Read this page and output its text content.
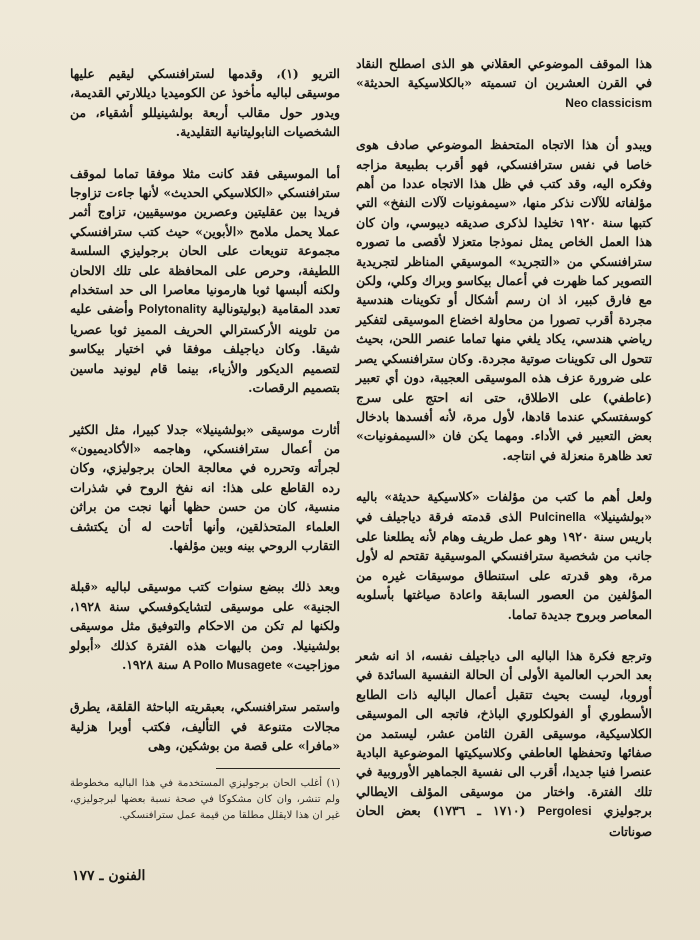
هذا الموقف الموضوعي العقلاني هو الذى اصطلح النقاد في القرن العشرين ان تسميته «بالكلاسيكية الحديثة» Neo classicism

ويبدو أن هذا الاتجاه المتحفظ الموضوعي صادف هوى خاصا في نفس سترافنسكي، فهو أقرب بطبيعة مزاجه وفكره اليه، وقد كتب في ظل هذا الاتجاه عددا من أهم مؤلفاته للآلات نذكر منها، «سيمفونيات لآلات النفخ» التي كتبها سنة ١٩٢٠ تخليدا لذكرى صديقه ديبوسي، وان كان هذا العمل الخاص يمثل نموذجا متعزلا لأقصى ما تصوره سترافنسكي من «التجريد» الموسيقي المناظر لتجريدية التصوير كما ظهرت في أعمال بيكاسو وبراك وكلي، ولكن مع فارق كبير، اذ ان رسم أشكال أو تكوينات هندسية مجردة أقرب تصورا من محاولة اخضاع الموسيقى لتفكير رياضي هندسي، يكاد يلغي منها تماما عنصر اللحن، بحيث تتحول الى تكوينات صوتية مجردة. وكان سترافنسكي يصر على ضرورة عزف هذه الموسيقى العجيبة، دون أي تعبير (عاطفي) على الاطلاق، حتى انه احتج على سرج كوسفتسكي عندما قادها، لأول مرة، لأنه أفسدها بادخال بعض التعبير في الأداء. ومهما يكن فان «السيمفونيات» تعد ظاهرة منعزلة في انتاجه.

ولعل أهم ما كتب من مؤلفات «كلاسيكية حديثة» باليه «بولشينيلا» Pulcinella الذى قدمته فرقة دياجيلف في باريس سنة ١٩٢٠ وهو عمل طريف وهام لأنه يطلعنا على جانب من شخصية سترافنسكي الموسيقية تقتحم له لأول مرة، وهو قدرته على استنطاق موسيقات غيره من المؤلفين من العصور السابقة واعادة صياغتها بأسلوبه المعاصر وبروح جديدة تماما.

وترجع فكرة هذا الباليه الى دياجيلف نفسه، اذ انه شعر بعد الحرب العالمية الأولى أن الحالة النفسية السائدة في أوروبا، ليست بحيث تتقبل أعمال الباليه ذات الطابع الأسطوري أو الفولكلوري الباذخ، فاتجه الى الموسيقى الكلاسيكية، موسيقى القرن الثامن عشر، ليستمد من صفائها وتحفظها العاطفي وكلاسيكيتها الموضوعية البادية عنصرا فنيا جديدا، أقرب الى نفسية الجماهير الأوروبية في تلك الفترة. واختار من موسيقى المؤلف الايطالي برجوليزي Pergolesi (١٧١٠ ـ ١٧٣٦) بعض الحان صوناتات

التريو (١)، وقدمها لسترافنسكي ليقيم عليها موسيقى لباليه مأخوذ عن الكوميديا ديللارتي القديمة، ويدور حول مقالب أربعة بولشينيللو أشقياء، من الشخصيات النابوليتانية التقليدية.

أما الموسيقى فقد كانت مثلا موفقا تماما لموقف سترافنسكي «الكلاسيكي الحديث» لأنها جاءت تزاوجا فريدا بين عقليتين وعصرين موسيقيين، تزاوج أثمر عملا يحمل ملامح «الأبوين» حيث كتب سترافنسكي مجموعة تنويعات على الحان برجوليزي السلسة اللطيفة، وحرص على المحافظة على تلك الالحان ولكنه ألبسها ثوبا هارمونيا معاصرا الى حد استخدام تعدد المقامية (بوليتونالية Polytonality وأضفى عليه من تلوينه الأركسترالي الحريف المميز ثوبا عصريا شيقا. وكان دياجيلف موفقا في اختيار بيكاسو لتصميم الديكور والأزياء، بينما قام ليونيد ماسين بتصميم الرقصات.

أثارت موسيقى «بولشينيلا» جدلا كبيرا، مثل الكثير من أعمال سترافنسكي، وهاجمه «الأكاديميون» لجرأته وتحرره في معالجة الحان برجوليزي، وكان رده القاطع على هذا: انه نفخ الروح في شذرات منسية، كان من حسن حظها أنها نجت من براثن العلماء المتحذلقين، وأنها أتاحت له أن يكتشف التقارب الروحي بينه وبين مؤلفها.

وبعد ذلك ببضع سنوات كتب موسيقى لباليه «قبلة الجنية» على موسيقى لتشايكوفسكي سنة ١٩٢٨، ولكنها لم تكن من الاحكام والتوفيق مثل موسيقى بولشينيلا. ومن باليهات هذه الفترة كذلك «أبولو موزاجيت» A Pollo Musagete سنة ١٩٢٨.

واستمر سترافنسكي، بعبقريته الباحثة القلقة، يطرق مجالات متنوعة في التأليف، فكتب أوبرا هزلية «مافرا» على قصة من بوشكين، وهى

(١) أغلب الحان برجوليزي المستخدمة في هذا الباليه مخطوطة ولم تنشر، وان كان مشكوكا في صحة نسبة بعضها لبرجوليزي، غير ان هذا لايقلل مطلقا من قيمة عمل سترافنسكي.
الفنون ـ ١٧٧
